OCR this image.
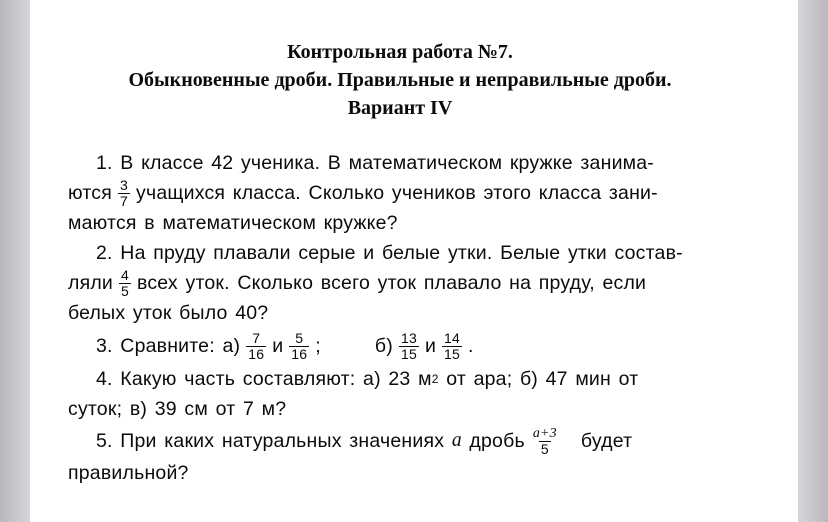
Контрольная работа №7.
Обыкновенные дроби. Правильные и неправильные дроби.
Вариант IV
1. В классе 42 ученика. В математическом кружке занима-
ются $\frac{3}{7}$ учащихся класса. Сколько учеников этого класса зани-
маются в математическом кружке?
2. На пруду плавали серые и белые утки. Белые утки состав-
ляли $\frac{4}{5}$ всех уток. Сколько всего уток плавало на пруду, если
белых уток было 40?
3. Сравните: $а) \frac{7}{16}$ и $\frac{5}{16}$ ;	$б) \frac{13}{15}$ и $\frac{14}{15}$ .
4. Какую часть составляют: а) 23 м 2
от ара; б) 47 мин от
суток; в) 39 см от 7 м?
5. При каких натуральных значениях
a
дробь $\frac{a+3}{5}$ будет
правильной?
